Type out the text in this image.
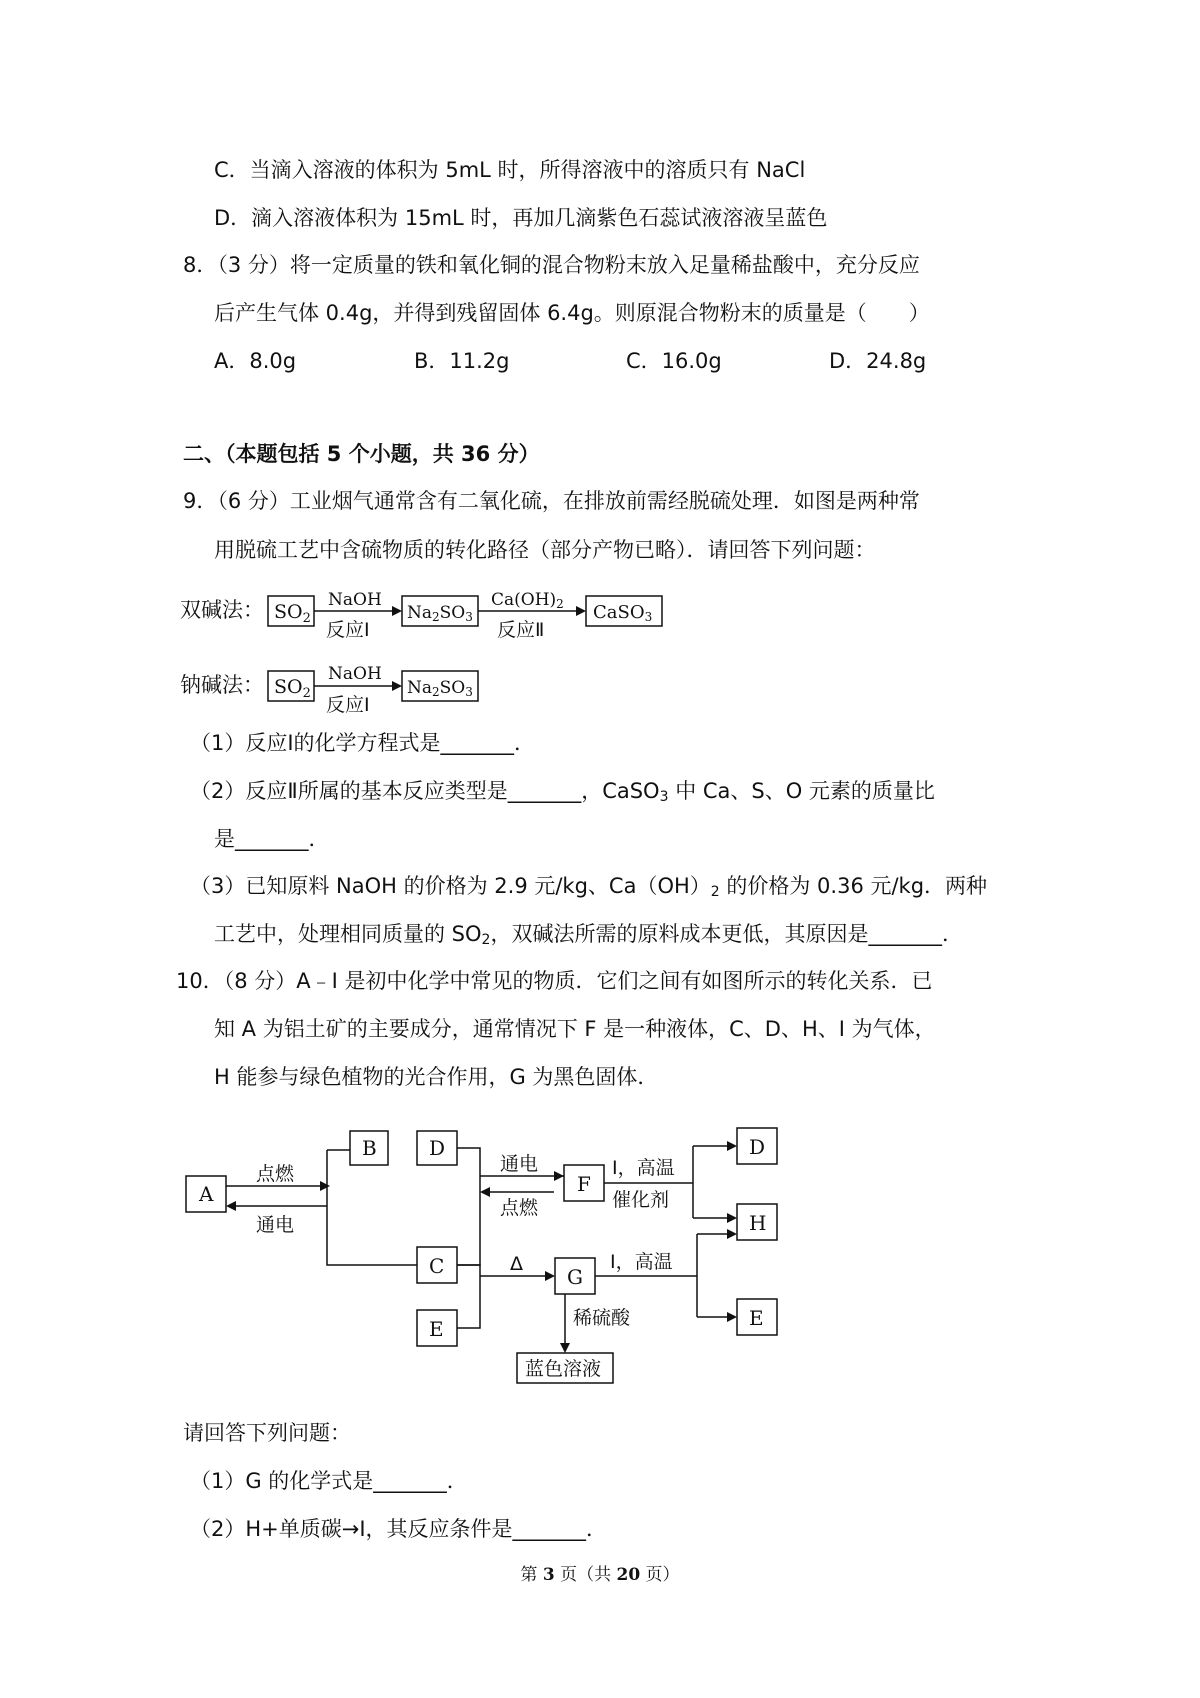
C．当滴入溶液的体积为 5mL 时，所得溶液中的溶质只有 NaCl
D．滴入溶液体积为 15mL 时，再加几滴紫色石蕊试液溶液呈蓝色
8．（3 分）将一定质量的铁和氧化铜的混合物粉末放入足量稀盐酸中，充分反应
后产生气体 0.4g，并得到残留固体 6.4g。则原混合物粉末的质量是（　　）
A．8.0g	B．11.2g	C．16.0g	D．24.8g
二、（本题包括 5 个小题，共 36 分）
9．（6 分）工业烟气通常含有二氧化硫，在排放前需经脱硫处理．如图是两种常
用脱硫工艺中含硫物质的转化路径（部分产物已略）．请回答下列问题：
双碱法： $SO_2$
NaOH
反应Ⅰ
Na2SO3
Ca(OH)2
反应Ⅱ
CaSO3
钠碱法： $SO_2$
NaOH
反应Ⅰ
Na2SO3
（1）反应Ⅰ的化学方程式是_______．
（2）反应Ⅱ所属的基本反应类型是_______，CaSO$_3$ 中 Ca、S、O 元素的质量比
是_______．
（3）已知原料 NaOH 的价格为 2.9 元/kg、$Ca(OH)_2$ 的价格为 0.36 元/kg．两种
工艺中，处理相同质量的 $SO_2$，双碱法所需的原料成本更低，其原因是_______．
10．（8 分）A﹣I 是初中化学中常见的物质．它们之间有如图所示的转化关系．已
知 A 为铝土矿的主要成分，通常情况下 F 是一种液体，C、D、H、I 为气体，
H 能参与绿色植物的光合作用，G 为黑色固体．
A
B	D
C
E
F
G
D
H
E
点燃
通电
通电
点燃
I，高温
催化剂
Δ	I，高温
稀硫酸
蓝色溶液
请回答下列问题：
（1）G 的化学式是_______．
（2）H+单质碳→I，其反应条件是_______．
第 3 页（共 20 页）
